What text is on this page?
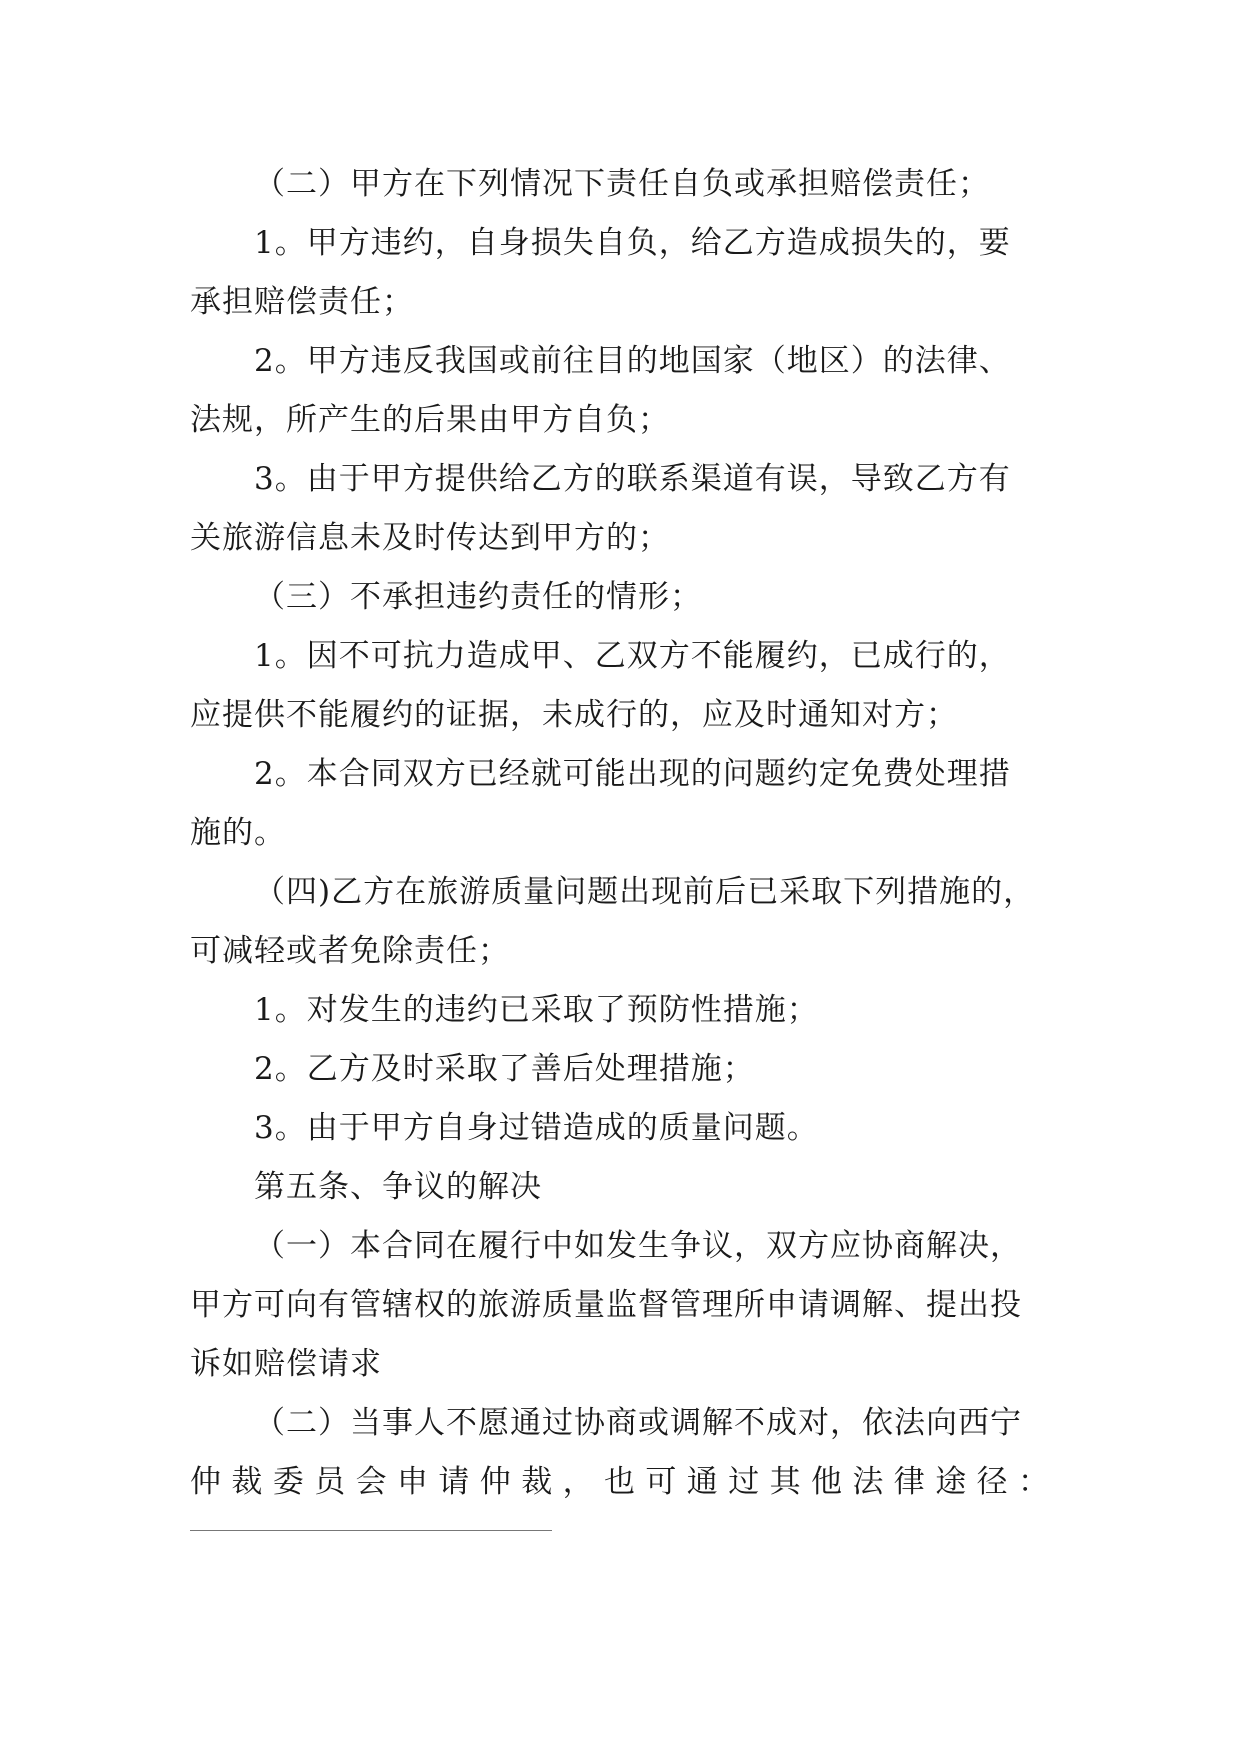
（二）甲方在下列情况下责任自负或承担赔偿责任；
1。甲方违约，自身损失自负，给乙方造成损失的，要
承担赔偿责任；
2。甲方违反我国或前往目的地国家（地区）的法律、
法规，所产生的后果由甲方自负；
3。由于甲方提供给乙方的联系渠道有误，导致乙方有
关旅游信息未及时传达到甲方的；
（三）不承担违约责任的情形；
1。因不可抗力造成甲、乙双方不能履约，已成行的，
应提供不能履约的证据，未成行的，应及时通知对方；
2。本合同双方已经就可能出现的问题约定免费处理措
施的。
（四)乙方在旅游质量问题出现前后已采取下列措施的，
可减轻或者免除责任；
1。对发生的违约已采取了预防性措施；
2。乙方及时采取了善后处理措施；
3。由于甲方自身过错造成的质量问题。
第五条、争议的解决
（一）本合同在履行中如发生争议，双方应协商解决，
甲方可向有管辖权的旅游质量监督管理所申请调解、提出投
诉如赔偿请求
（二）当事人不愿通过协商或调解不成对，依法向西宁
仲裁委员会申请仲裁，也可通过其他法律途径：
